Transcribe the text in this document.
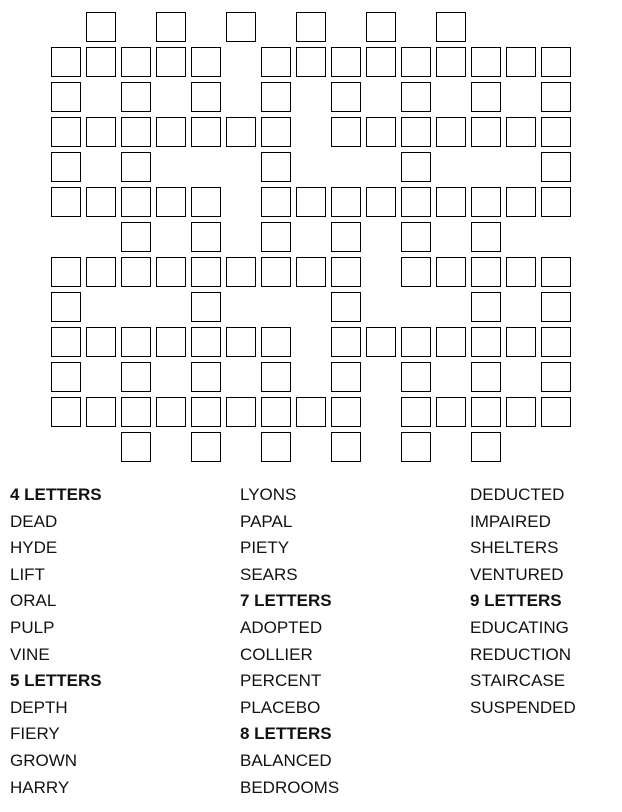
4 LETTERS
DEAD
HYDE
LIFT
ORAL
PULP
VINE
5 LETTERS
DEPTH
FIERY
GROWN
HARRY
LYONS
PAPAL
PIETY
SEARS
7 LETTERS
ADOPTED
COLLIER
PERCENT
PLACEBO
8 LETTERS
BALANCED
BEDROOMS
DEDUCTED
IMPAIRED
SHELTERS
VENTURED
9 LETTERS
EDUCATING
REDUCTION
STAIRCASE
SUSPENDED
